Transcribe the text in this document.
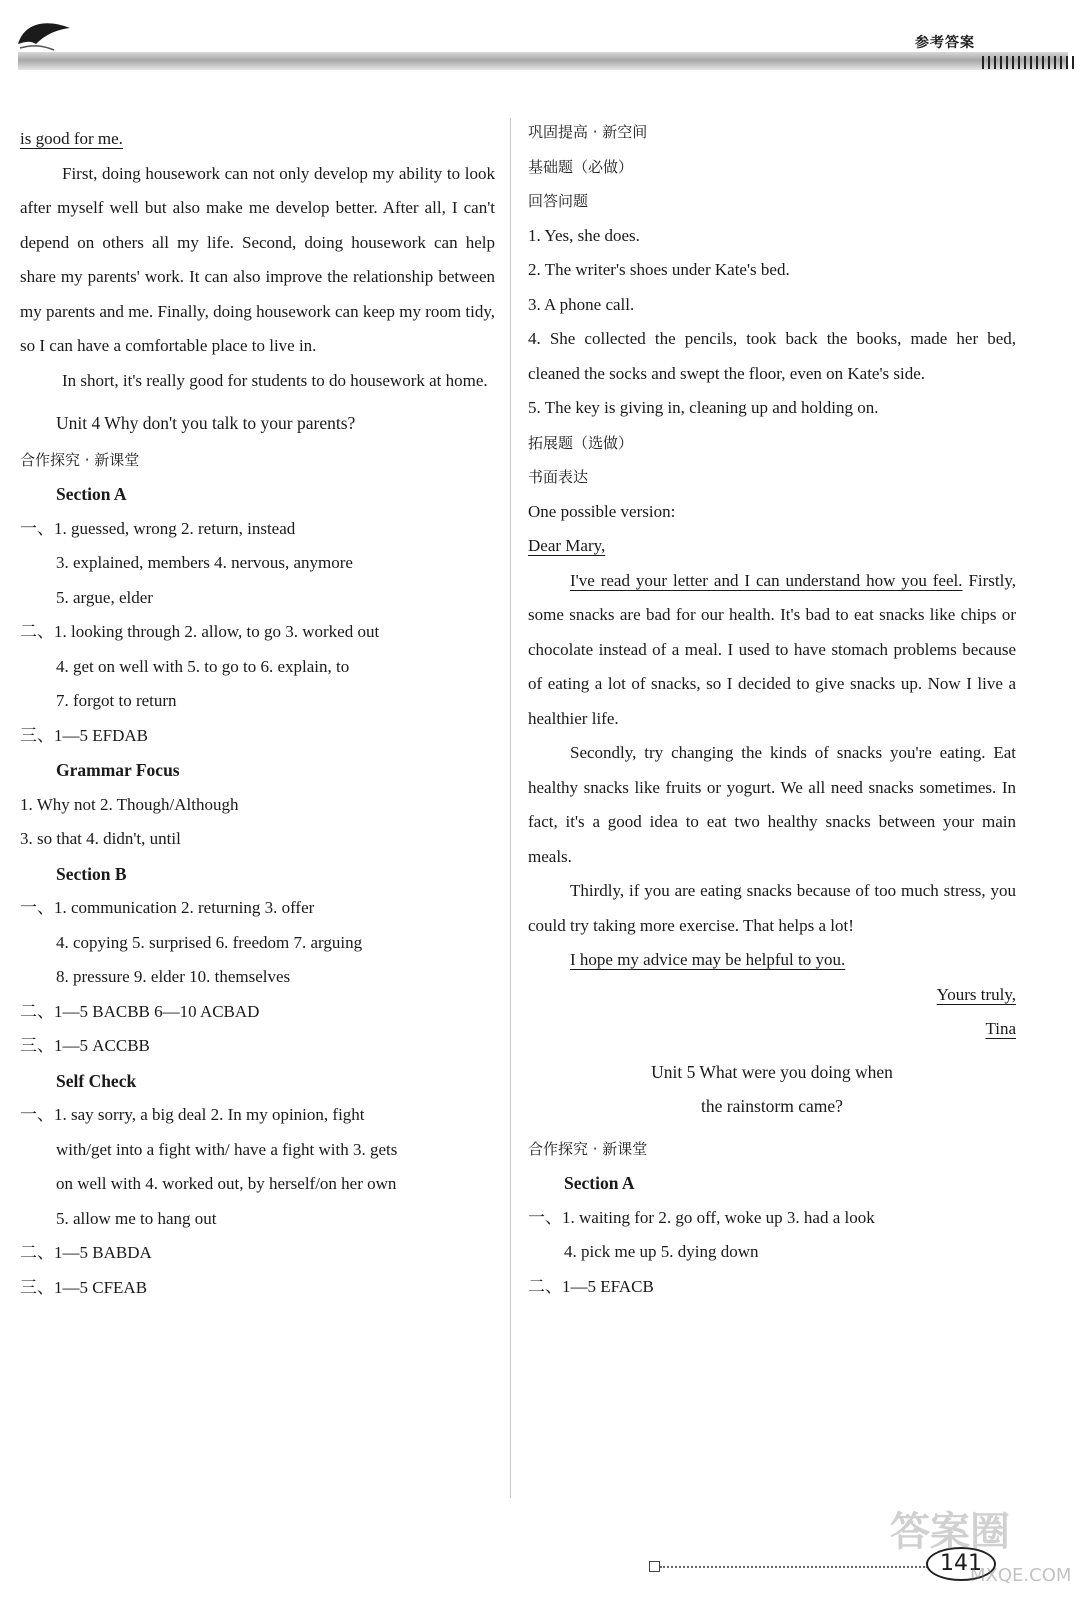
参考答案

is good for me.

First, doing housework can not only develop my ability to look after myself well but also make me develop better. After all, I can't depend on others all my life. Second, doing housework can help share my parents' work. It can also improve the relationship between my parents and me. Finally, doing housework can keep my room tidy, so I can have a comfortable place to live in.

In short, it's really good for students to do housework at home.

Unit 4 Why don't you talk to your parents?
合作探究 · 新课堂
Section A
一、1. guessed, wrong 2. return, instead
3. explained, members 4. nervous, anymore
5. argue, elder
二、1. looking through 2. allow, to go 3. worked out
4. get on well with 5. to go to 6. explain, to
7. forgot to return
三、1—5 EFDAB
Grammar Focus
1. Why not 2. Though/Although
3. so that 4. didn't, until
Section B
一、1. communication 2. returning 3. offer
4. copying 5. surprised 6. freedom 7. arguing
8. pressure 9. elder 10. themselves
二、1—5 BACBB 6—10 ACBAD
三、1—5 ACCBB
Self Check
一、1. say sorry, a big deal 2. In my opinion, fight
with/get into a fight with/ have a fight with 3. gets
on well with 4. worked out, by herself/on her own
5. allow me to hang out
二、1—5 BABDA
三、1—5 CFEAB
巩固提高 · 新空间
基础题（必做）
回答问题
1. Yes, she does.
2. The writer's shoes under Kate's bed.
3. A phone call.

4. She collected the pencils, took back the books, made her bed, cleaned the socks and swept the floor, even on Kate's side.

5. The key is giving in, cleaning up and holding on.
拓展题（选做）
书面表达
One possible version:
Dear Mary,

I've read your letter and I can understand how you feel. Firstly, some snacks are bad for our health. It's bad to eat snacks like chips or chocolate instead of a meal. I used to have stomach problems because of eating a lot of snacks, so I decided to give snacks up. Now I live a healthier life.

Secondly, try changing the kinds of snacks you're eating. Eat healthy snacks like fruits or yogurt. We all need snacks sometimes. In fact, it's a good idea to eat two healthy snacks between your main meals.

Thirdly, if you are eating snacks because of too much stress, you could try taking more exercise. That helps a lot!

I hope my advice may be helpful to you.

Yours truly,
Tina
Unit 5 What were you doing when
the rainstorm came?
合作探究 · 新课堂
Section A
一、1. waiting for 2. go off, woke up 3. had a look
4. pick me up 5. dying down
二、1—5 EFACB
141
答案圈
MXQE.COM
